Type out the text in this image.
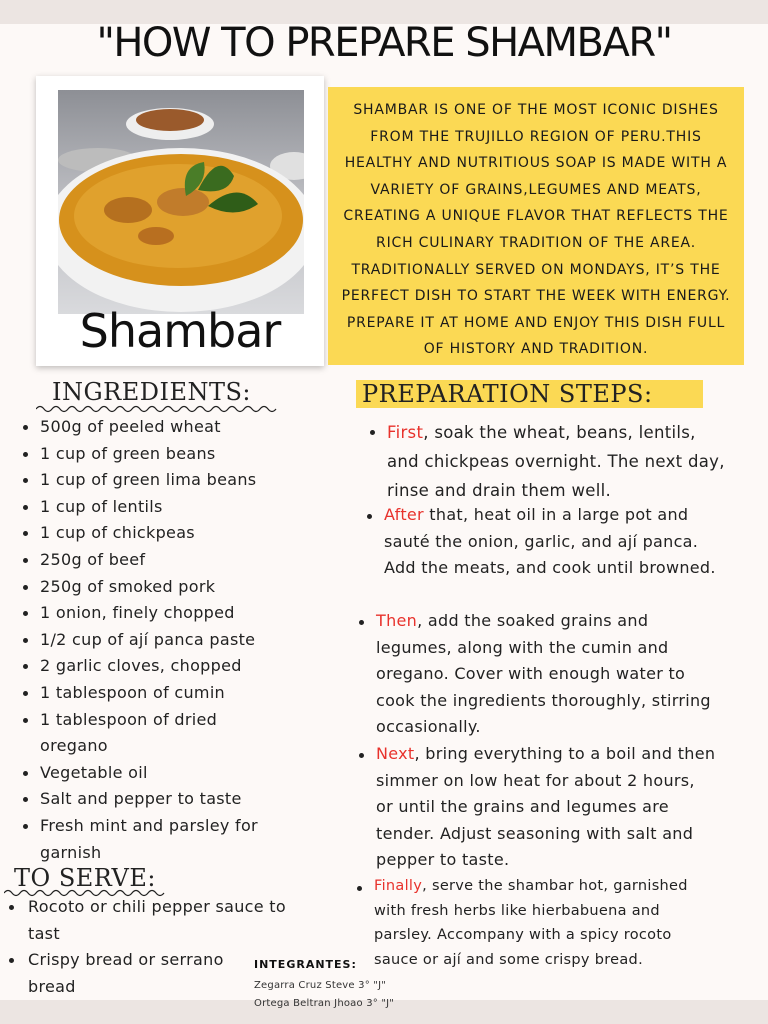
"HOW TO PREPARE SHAMBAR"
Shambar
SHAMBAR IS ONE OF THE MOST ICONIC DISHES FROM THE TRUJILLO REGION OF PERU.THIS HEALTHY AND NUTRITIOUS SOAP IS MADE WITH A VARIETY OF GRAINS,LEGUMES AND MEATS, CREATING A UNIQUE FLAVOR THAT REFLECTS THE RICH CULINARY TRADITION OF THE AREA. TRADITIONALLY SERVED ON MONDAYS, IT’S THE PERFECT DISH TO START THE WEEK WITH ENERGY. PREPARE IT AT HOME AND ENJOY THIS DISH FULL OF HISTORY AND TRADITION.
INGREDIENTS:
500g of peeled wheat
1 cup of green beans
1 cup of green lima beans
1 cup of lentils
1 cup of chickpeas
250g of beef
250g of smoked pork
1 onion, finely chopped
1/2 cup of ají panca paste
2 garlic cloves, chopped
1 tablespoon of cumin
1 tablespoon of dried oregano
Vegetable oil
Salt and pepper to taste
Fresh mint and parsley for garnish
PREPARATION STEPS:
First, soak the wheat, beans, lentils, and chickpeas overnight. The next day, rinse and drain them well.
After that, heat oil in a large pot and sauté the onion, garlic, and ají panca. Add the meats, and cook until browned.
Then, add the soaked grains and legumes, along with the cumin and oregano. Cover with enough water to cook the ingredients thoroughly, stirring occasionally.
Next, bring everything to a boil and then simmer on low heat for about 2 hours, or until the grains and legumes are tender. Adjust seasoning with salt and pepper to taste.
Finally, serve the shambar hot, garnished with fresh herbs like hierbabuena and parsley. Accompany with a spicy rocoto sauce or ají and some crispy bread.
TO SERVE:
Rocoto or chili pepper sauce to tast
Crispy bread or serrano bread
INTEGRANTES:
Zegarra Cruz Steve 3° "J"
Ortega Beltran Jhoao 3° "J"
